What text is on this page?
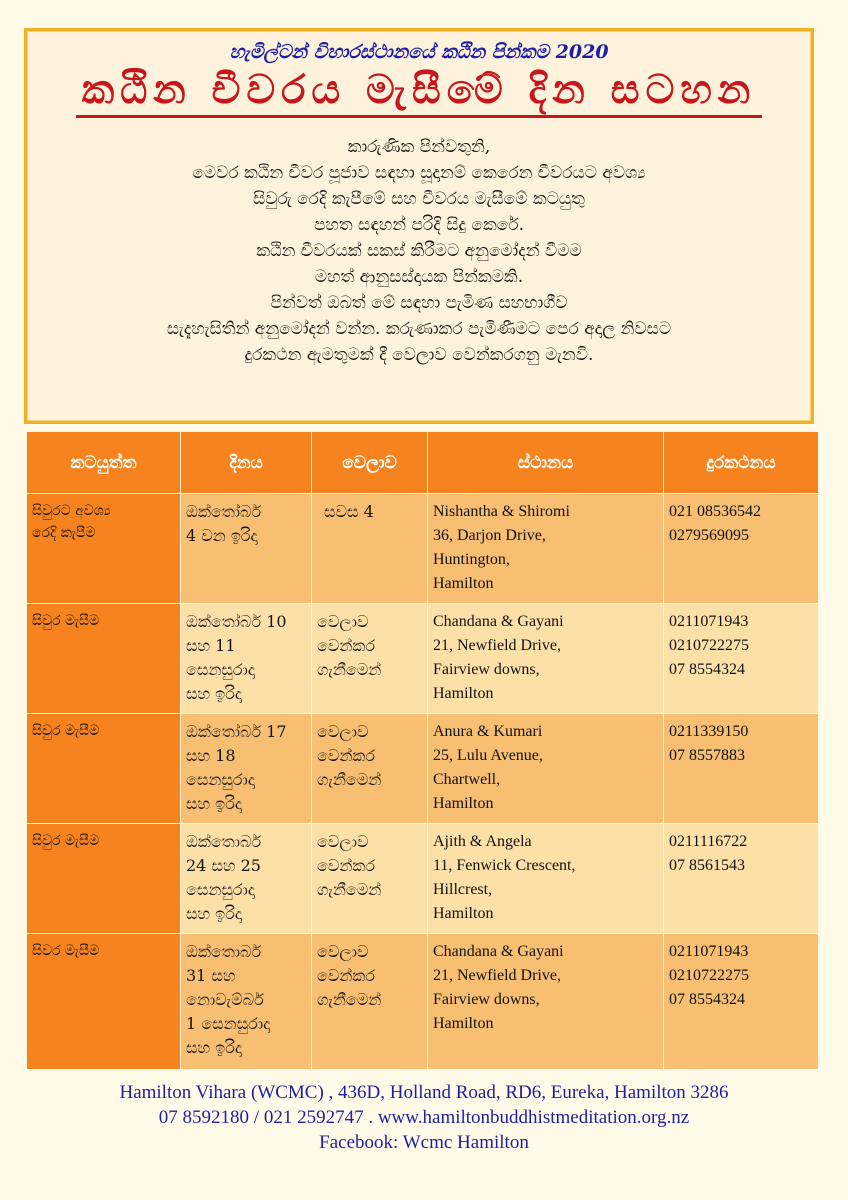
හැමිල්ටන් විහාරස්ථානයේ කඨින පින්කම 2020
කඨින චීවරය මැසීමේ දින සටහන
කාරුණික පින්වතුනි,
මෙවර කඨින චීවර පූජාව සඳහා සූදානම් කෙරෙන චීවරයට අවශ්‍ය
සිවුරු රෙදි කැපීමේ සහ චීවරය මැසීමේ කටයුතු
පහත සඳහන් පරිදි සිදු කෙරේ.
කඨින චීවරයක් සකස් කිරීමට අනුමෝදන් වීමම
මහත් ආනුසස්දායක පින්කමකි.
පින්වත් ඔබත් මේ සඳහා පැමිණ සහභාගීව
සැදැහැසිතින් අනුමෝදන් වන්න. කරුණාකර පැමිණීමට පෙර අදාල නිවසට
දුරකථන ඇමතුමක් දී වෙලාව වෙන්කරගනු මැනවි.
කටයුත්ත	දිනය	වෙලාව	ස්ථානය	දුරකථනය

සිවුරට අවශ්‍ය
රෙදි කැපීම	ඔක්තෝබර්
4 වන ඉරිදා	සවස 4	Nishantha & Shiromi
36, Darjon Drive,
Huntington,
Hamilton	021 08536542
0279569095

සිවුර මැසීම	ඔක්තෝබර් 10
සහ 11
සෙනසුරාදා
සහ ඉරිදා	වෙලාව
වෙන්කර
ගැනීමෙන්	Chandana & Gayani
21, Newfield Drive,
Fairview downs,
Hamilton	0211071943
0210722275
07 8554324

සිවුර මැසීම	ඔක්තෝබර් 17
සහ 18
සෙනසුරාදා
සහ ඉරිදා	වෙලාව
වෙන්කර
ගැනීමෙන්	Anura & Kumari
25, Lulu Avenue,
Chartwell,
Hamilton	0211339150
07 8557883

සිවුර මැසීම	ඔක්තොබර්
24 සහ 25
සෙනසුරාදා
සහ ඉරිදා	වෙලාව
වෙන්කර
ගැනීමෙන්	Ajith & Angela
11, Fenwick Crescent,
Hillcrest,
Hamilton	0211116722
07 8561543

සිවර මැසීම	ඔක්තොබර්
31 සහ
නොවැම්බර්
1 සෙනසුරාදා
සහ ඉරිදා	වෙලාව
වෙන්කර
ගැනීමෙන්	Chandana & Gayani
21, Newfield Drive,
Fairview downs,
Hamilton	0211071943
0210722275
07 8554324
Hamilton Vihara (WCMC) , 436D, Holland Road, RD6, Eureka, Hamilton 3286
07 8592180 / 021 2592747 . www.hamiltonbuddhistmeditation.org.nz
Facebook: Wcmc Hamilton
